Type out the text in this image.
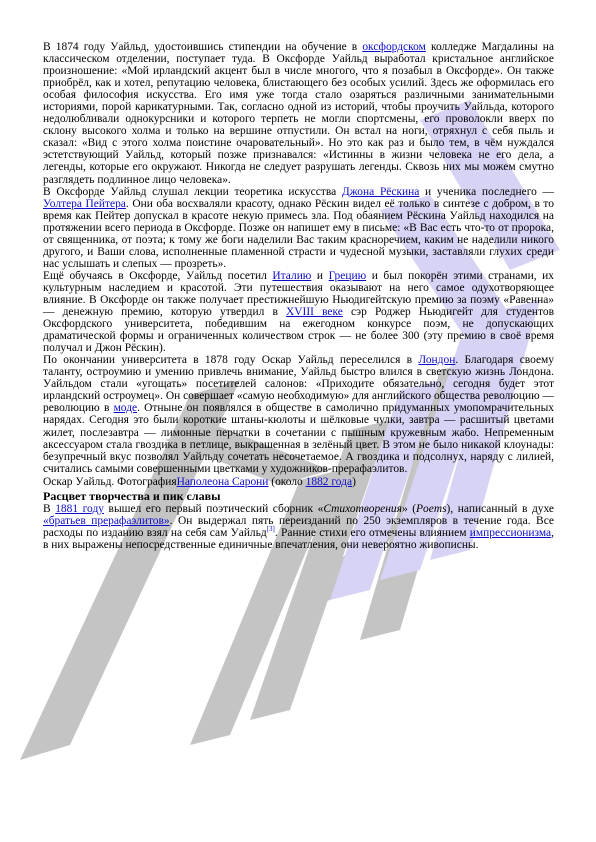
В 1874 году Уайльд, удостоившись стипендии на обучение в оксфордском колледже Магдалины на классическом отделении, поступает туда. В Оксфорде Уайльд выработал кристальное английское произношение: «Мой ирландский акцент был в числе многого, что я позабыл в Оксфорде». Он также приобрёл, как и хотел, репутацию человека, блистающего без особых усилий. Здесь же оформилась его особая философия искусства. Его имя уже тогда стало озаряться различными занимательными историями, порой карикатурными. Так, согласно одной из историй, чтобы проучить Уайльда, которого недолюбливали однокурсники и которого терпеть не могли спортсмены, его проволокли вверх по склону высокого холма и только на вершине отпустили. Он встал на ноги, отряхнул с себя пыль и сказал: «Вид с этого холма поистине очаровательный». Но это как раз и было тем, в чём нуждался эстетствующий Уайльд, который позже признавался: «Истинны в жизни человека не его дела, а легенды, которые его окружают. Никогда не следует разрушать легенды. Сквозь них мы можем смутно разглядеть подлинное лицо человека».

В Оксфорде Уайльд слушал лекции теоретика искусства Джона Рёскина и ученика последнего — Уолтера Пейтера. Они оба восхваляли красоту, однако Рёскин видел её только в синтезе с добром, в то время как Пейтер допускал в красоте некую примесь зла. Под обаянием Рёскина Уайльд находился на протяжении всего периода в Оксфорде. Позже он напишет ему в письме: «В Вас есть что-то от пророка, от священника, от поэта; к тому же боги наделили Вас таким красноречием, каким не наделили никого другого, и Ваши слова, исполненные пламенной страсти и чудесной музыки, заставляли глухих среди нас услышать и слепых — прозреть».

Ещё обучаясь в Оксфорде, Уайльд посетил Италию и Грецию и был покорён этими странами, их культурным наследием и красотой. Эти путешествия оказывают на него самое одухотворяющее влияние. В Оксфорде он также получает престижнейшую Ньюдигейтскую премию за поэму «Равенна» — денежную премию, которую утвердил в XVIII веке сэр Роджер Ньюдигейт для студентов Оксфордского университета, победившим на ежегодном конкурсе поэм, не допускающих драматической формы и ограниченных количеством строк — не более 300 (эту премию в своё время получал и Джон Рёскин).

По окончании университета в 1878 году Оскар Уайльд переселился в Лондон. Благодаря своему таланту, остроумию и умению привлечь внимание, Уайльд быстро влился в светскую жизнь Лондона. Уайльдом стали «угощать» посетителей салонов: «Приходите обязательно, сегодня будет этот ирландский остроумец». Он совершает «самую необходимую» для английского общества революцию — революцию в моде. Отныне он появлялся в обществе в самолично придуманных умопомрачительных нарядах. Сегодня это были короткие штаны-кюлоты и шёлковые чулки, завтра — расшитый цветами жилет, послезавтра — лимонные перчатки в сочетании с пышным кружевным жабо. Непременным аксессуаром стала гвоздика в петлице, выкрашенная в зелёный цвет. В этом не было никакой клоунады: безупречный вкус позволял Уайльду сочетать несочетаемое. А гвоздика и подсолнух, наряду с лилией, считались самыми совершенными цветками у художников-прерафаэлитов.

Оскар Уайльд. ФотографияНаполеона Сарони (около 1882 года)

Расцвет творчества и пик славы

В 1881 году вышел его первый поэтический сборник «Стихотворения» (Poems), написанный в духе «братьев прерафаэлитов». Он выдержал пять переизданий по 250 экземпляров в течение года. Все расходы по изданию взял на себя сам Уайльд[3]. Ранние стихи его отмечены влиянием импрессионизма, в них выражены непосредственные единичные впечатления, они невероятно живописны.
